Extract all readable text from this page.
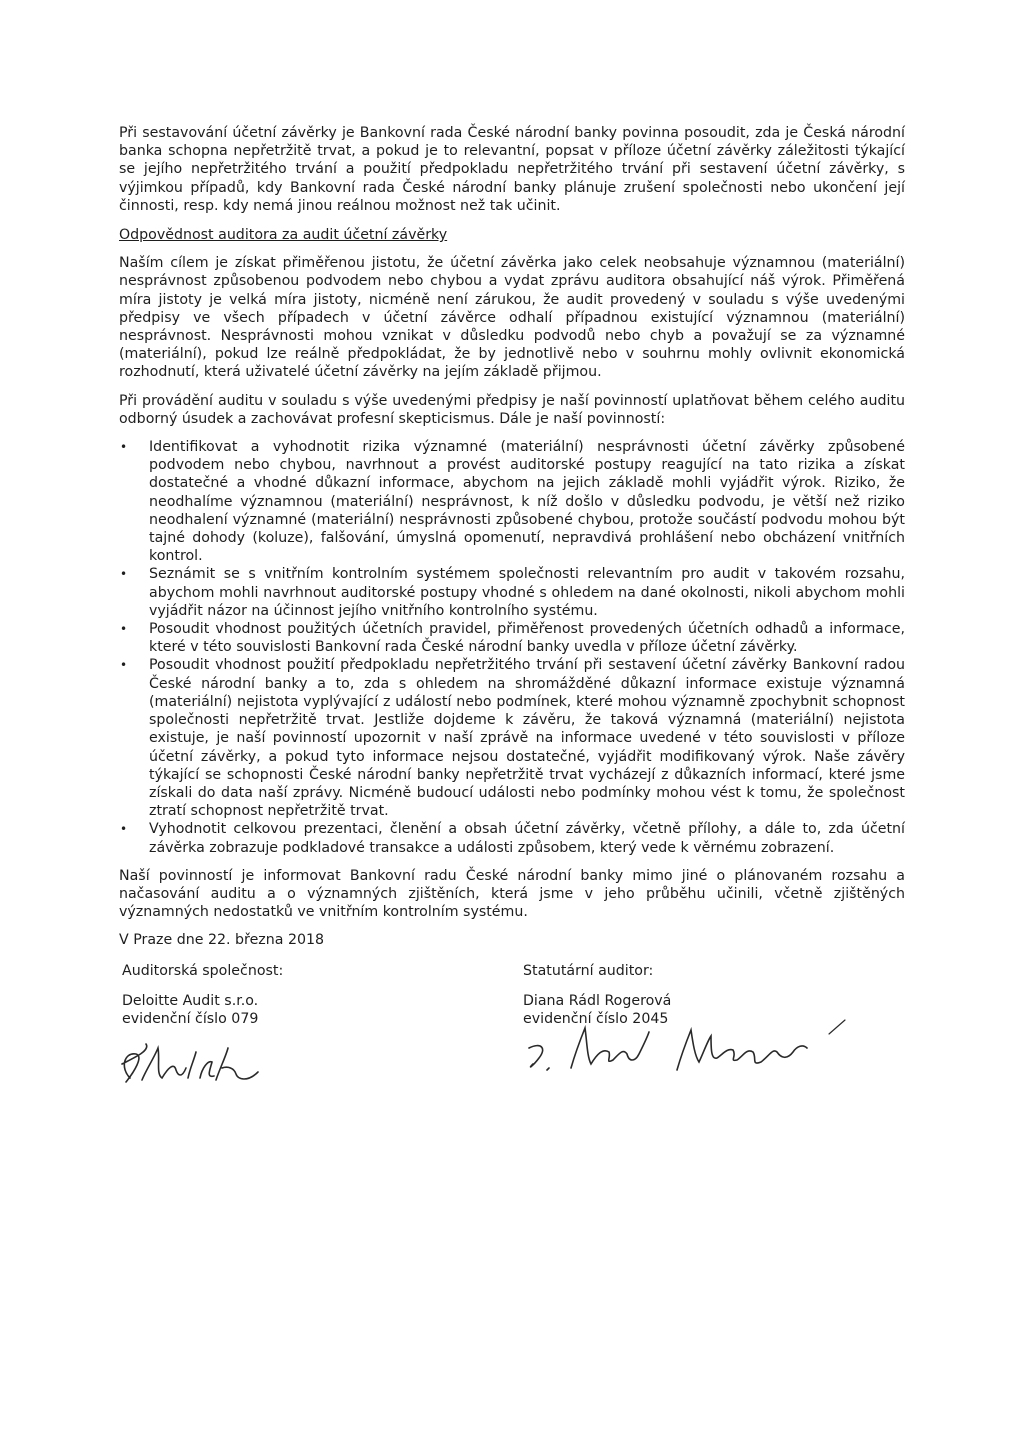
Při sestavování účetní závěrky je Bankovní rada České národní banky povinna posoudit, zda je Česká národní banka schopna nepřetržitě trvat, a pokud je to relevantní, popsat v příloze účetní závěrky záležitosti týkající se jejího nepřetržitého trvání a použití předpokladu nepřetržitého trvání při sestavení účetní závěrky, s výjimkou případů, kdy Bankovní rada České národní banky plánuje zrušení společnosti nebo ukončení její činnosti, resp. kdy nemá jinou reálnou možnost než tak učinit.

Odpovědnost auditora za audit účetní závěrky

Naším cílem je získat přiměřenou jistotu, že účetní závěrka jako celek neobsahuje významnou (materiální) nesprávnost způsobenou podvodem nebo chybou a vydat zprávu auditora obsahující náš výrok. Přiměřená míra jistoty je velká míra jistoty, nicméně není zárukou, že audit provedený v souladu s výše uvedenými předpisy ve všech případech v účetní závěrce odhalí případnou existující významnou (materiální) nesprávnost. Nesprávnosti mohou vznikat v důsledku podvodů nebo chyb a považují se za významné (materiální), pokud lze reálně předpokládat, že by jednotlivě nebo v souhrnu mohly ovlivnit ekonomická rozhodnutí, která uživatelé účetní závěrky na jejím základě přijmou.

Při provádění auditu v souladu s výše uvedenými předpisy je naší povinností uplatňovat během celého auditu odborný úsudek a zachovávat profesní skepticismus. Dále je naší povinností:

• Identifikovat a vyhodnotit rizika významné (materiální) nesprávnosti účetní závěrky způsobené podvodem nebo chybou, navrhnout a provést auditorské postupy reagující na tato rizika a získat dostatečné a vhodné důkazní informace, abychom na jejich základě mohli vyjádřit výrok. Riziko, že neodhalíme významnou (materiální) nesprávnost, k níž došlo v důsledku podvodu, je větší než riziko neodhalení významné (materiální) nesprávnosti způsobené chybou, protože součástí podvodu mohou být tajné dohody (koluze), falšování, úmyslná opomenutí, nepravdivá prohlášení nebo obcházení vnitřních kontrol.
• Seznámit se s vnitřním kontrolním systémem společnosti relevantním pro audit v takovém rozsahu, abychom mohli navrhnout auditorské postupy vhodné s ohledem na dané okolnosti, nikoli abychom mohli vyjádřit názor na účinnost jejího vnitřního kontrolního systému.
• Posoudit vhodnost použitých účetních pravidel, přiměřenost provedených účetních odhadů a informace, které v této souvislosti Bankovní rada České národní banky uvedla v příloze účetní závěrky.
• Posoudit vhodnost použití předpokladu nepřetržitého trvání při sestavení účetní závěrky Bankovní radou České národní banky a to, zda s ohledem na shromážděné důkazní informace existuje významná (materiální) nejistota vyplývající z událostí nebo podmínek, které mohou významně zpochybnit schopnost společnosti nepřetržitě trvat. Jestliže dojdeme k závěru, že taková významná (materiální) nejistota existuje, je naší povinností upozornit v naší zprávě na informace uvedené v této souvislosti v příloze účetní závěrky, a pokud tyto informace nejsou dostatečné, vyjádřit modifikovaný výrok. Naše závěry týkající se schopnosti České národní banky nepřetržitě trvat vycházejí z důkazních informací, které jsme získali do data naší zprávy. Nicméně budoucí události nebo podmínky mohou vést k tomu, že společnost ztratí schopnost nepřetržitě trvat.
• Vyhodnotit celkovou prezentaci, členění a obsah účetní závěrky, včetně přílohy, a dále to, zda účetní závěrka zobrazuje podkladové transakce a události způsobem, který vede k věrnému zobrazení.

Naší povinností je informovat Bankovní radu České národní banky mimo jiné o plánovaném rozsahu a načasování auditu a o významných zjištěních, která jsme v jeho průběhu učinili, včetně zjištěných významných nedostatků ve vnitřním kontrolním systému.

V Praze dne 22. března 2018

Auditorská společnost:
Deloitte Audit s.r.o.
evidenční číslo 079
Statutární auditor:
Diana Rádl Rogerová
evidenční číslo 2045
